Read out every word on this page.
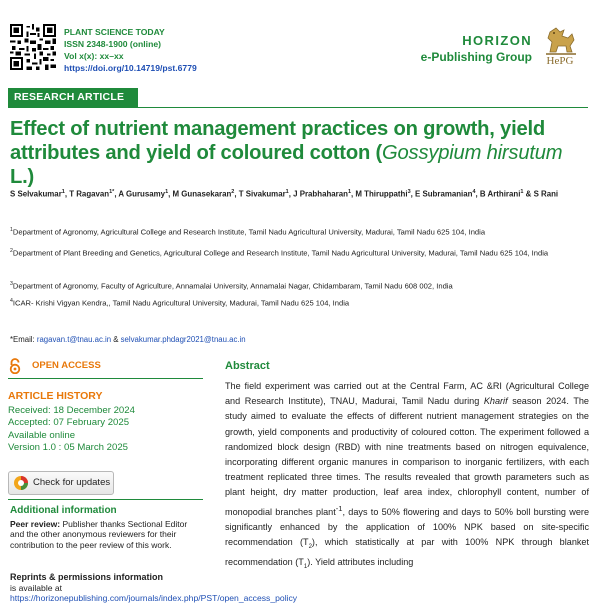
PLANT SCIENCE TODAY
ISSN 2348-1900 (online)
Vol x(x): xx–xx
https://doi.org/10.14719/pst.6779
HORIZON
e-Publishing Group	HePG
RESEARCH ARTICLE
Effect of nutrient management practices on growth, yield attributes and yield of coloured cotton (Gossypium hirsutum L.)
S Selvakumar$^1$, T Ragavan$^{1*}$, A Gurusamy$^1$, M Gunasekaran$^2$, T Sivakumar$^1$, J Prabhaharan$^1$, M Thiruppathi$^3$, E Subramanian$^4$, B Arthirani$^1$ & S Rani
$^1$Department of Agronomy, Agricultural College and Research Institute, Tamil Nadu Agricultural University, Madurai, Tamil Nadu 625 104, India
$^2$Department of Plant Breeding and Genetics, Agricultural College and Research Institute, Tamil Nadu Agricultural University, Madurai, Tamil Nadu 625 104, India
$^3$Department of Agronomy, Faculty of Agriculture, Annamalai University, Annamalai Nagar, Chidambaram, Tamil Nadu 608 002, India
$^4$ICAR- Krishi Vigyan Kendra,, Tamil Nadu Agricultural University, Madurai, Tamil Nadu 625 104, India
*Email: ragavan.t@tnau.ac.in & selvakumar.phdagr2021@tnau.ac.in
OPEN ACCESS
ARTICLE HISTORY
Received: 18 December 2024
Accepted: 07 February 2025
Available online
Version 1.0 : 05 March 2025
Check for updates
Additional information
Peer review: Publisher thanks Sectional Editor and the other anonymous reviewers for their contribution to the peer review of this work.
Reprints & permissions information
is available at https://horizonepublishing.com/journals/index.php/PST/open_access_policy
Abstract
The field experiment was carried out at the Central Farm, AC &RI (Agricultural College and Research Institute), TNAU, Madurai, Tamil Nadu during Kharif season 2024. The study aimed to evaluate the effects of different nutrient management strategies on the growth, yield components and productivity of coloured cotton. The experiment followed a randomized block design (RBD) with nine treatments based on nitrogen equivalence, incorporating different organic manures in comparison to inorganic fertilizers, with each treatment replicated three times. The results revealed that growth parameters such as plant height, dry matter production, leaf area index, chlorophyll content, number of monopodial branches plant$^{-1}$, days to 50% flowering and days to 50% boll bursting were significantly enhanced by the application of 100% NPK based on site-specific recommendation $(T_2)$, which statistically at par with 100% NPK through blanket recommendation $(T_1)$. Yield attributes including
